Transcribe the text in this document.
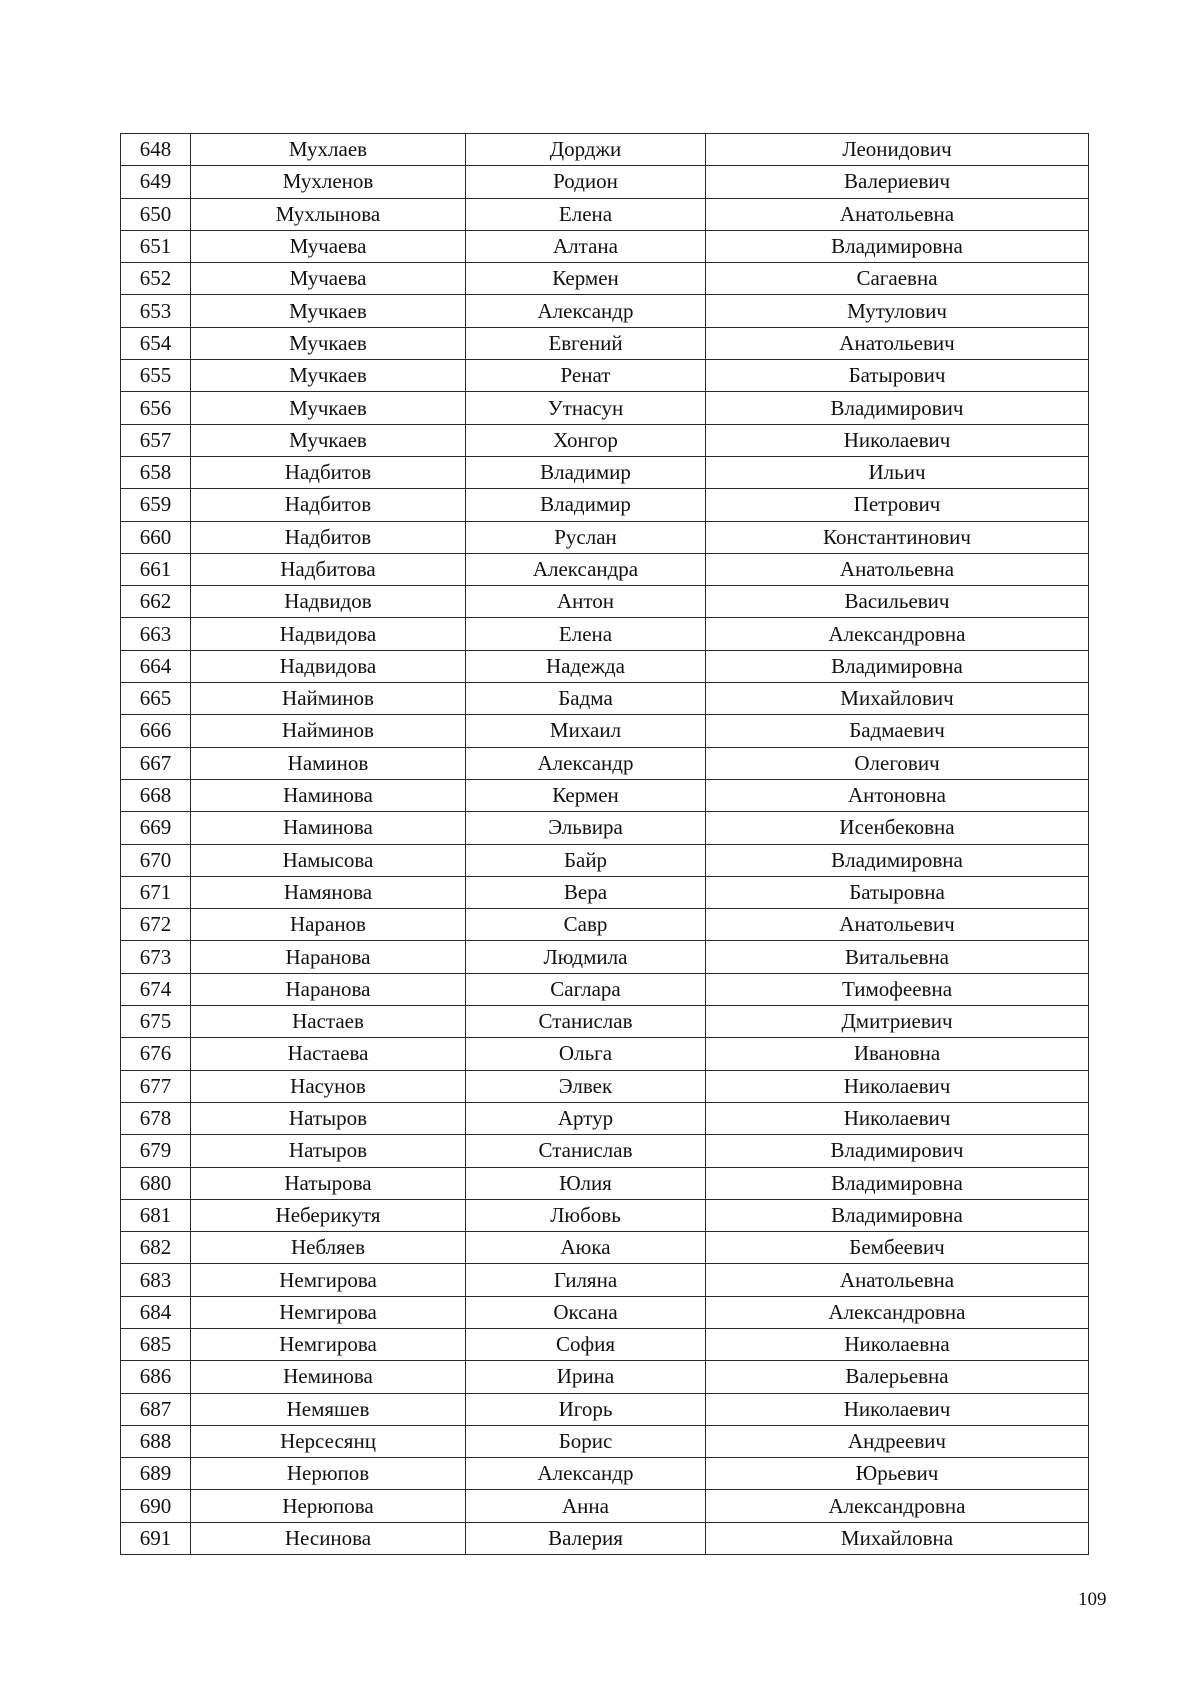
648	Мухлаев	Дорджи	Леонидович
649	Мухленов	Родион	Валериевич
650	Мухлынова	Елена	Анатольевна
651	Мучаева	Алтана	Владимировна
652	Мучаева	Кермен	Сагаевна
653	Мучкаев	Александр	Мутулович
654	Мучкаев	Евгений	Анатольевич
655	Мучкаев	Ренат	Батырович
656	Мучкаев	Утнасун	Владимирович
657	Мучкаев	Хонгор	Николаевич
658	Надбитов	Владимир	Ильич
659	Надбитов	Владимир	Петрович
660	Надбитов	Руслан	Константинович
661	Надбитова	Александра	Анатольевна
662	Надвидов	Антон	Васильевич
663	Надвидова	Елена	Александровна
664	Надвидова	Надежда	Владимировна
665	Найминов	Бадма	Михайлович
666	Найминов	Михаил	Бадмаевич
667	Наминов	Александр	Олегович
668	Наминова	Кермен	Антоновна
669	Наминова	Эльвира	Исенбековна
670	Намысова	Байр	Владимировна
671	Намянова	Вера	Батыровна
672	Наранов	Савр	Анатольевич
673	Наранова	Людмила	Витальевна
674	Наранова	Саглара	Тимофеевна
675	Настаев	Станислав	Дмитриевич
676	Настаева	Ольга	Ивановна
677	Насунов	Элвек	Николаевич
678	Натыров	Артур	Николаевич
679	Натыров	Станислав	Владимирович
680	Натырова	Юлия	Владимировна
681	Неберикутя	Любовь	Владимировна
682	Небляев	Аюка	Бембеевич
683	Немгирова	Гиляна	Анатольевна
684	Немгирова	Оксана	Александровна
685	Немгирова	София	Николаевна
686	Неминова	Ирина	Валерьевна
687	Немяшев	Игорь	Николаевич
688	Нерсесянц	Борис	Андреевич
689	Нерюпов	Александр	Юрьевич
690	Нерюпова	Анна	Александровна
691	Несинова	Валерия	Михайловна
109
